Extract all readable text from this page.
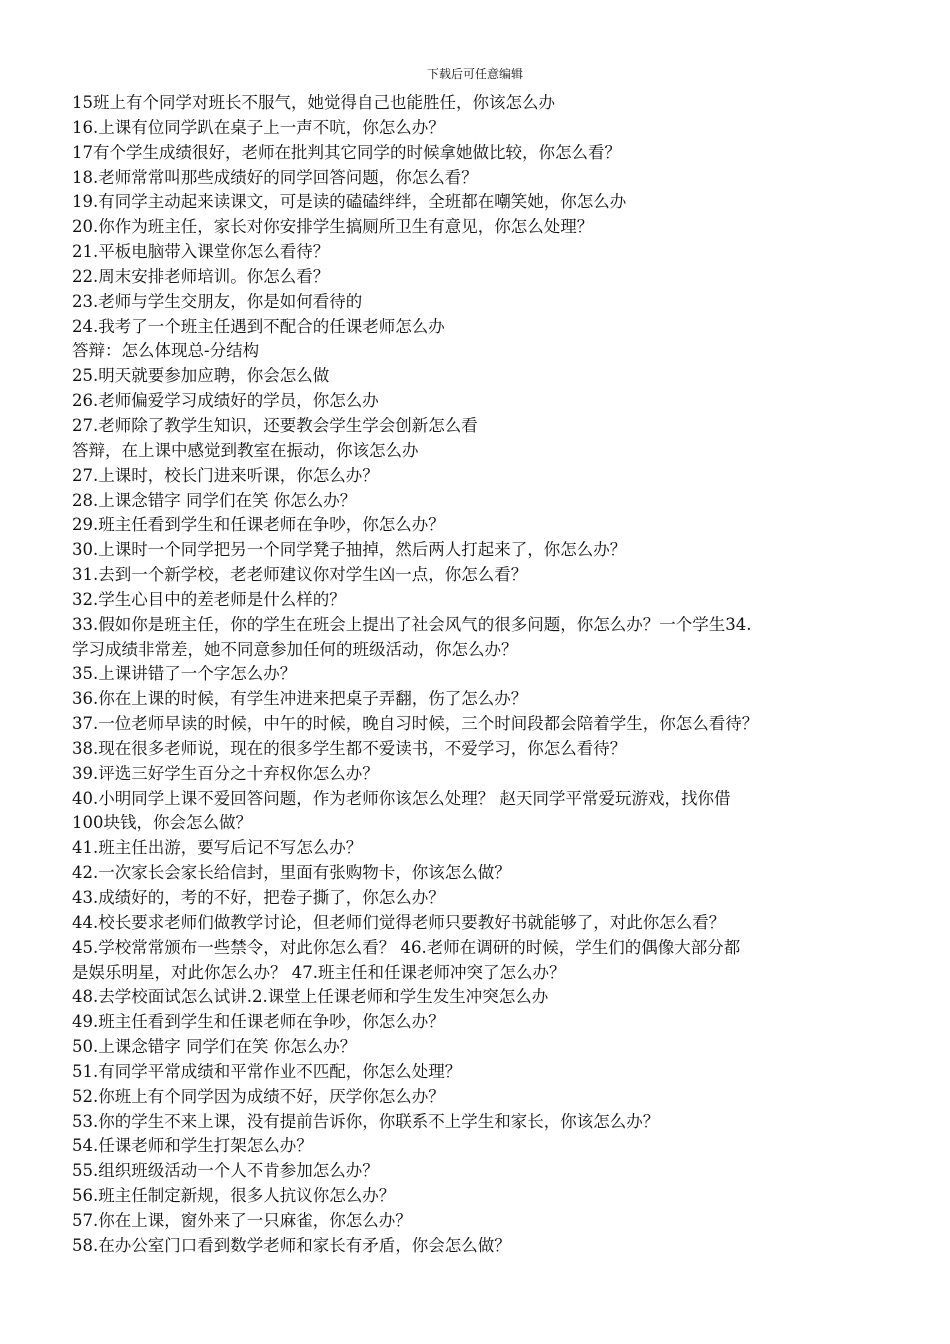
下载后可任意编辑
15班上有个同学对班长不服气，她觉得自己也能胜任，你该怎么办
16.上课有位同学趴在桌子上一声不吭，你怎么办？
17有个学生成绩很好，老师在批判其它同学的时候拿她做比较，你怎么看？
18.老师常常叫那些成绩好的同学回答问题，你怎么看？
19.有同学主动起来读课文，可是读的磕磕绊绊，全班都在嘲笑她，你怎么办
20.你作为班主任，家长对你安排学生搞厕所卫生有意见，你怎么处理？
21.平板电脑带入课堂你怎么看待？
22.周末安排老师培训。你怎么看？
23.老师与学生交朋友，你是如何看待的
24.我考了一个班主任遇到不配合的任课老师怎么办
答辩：怎么体现总-分结构
25.明天就要参加应聘，你会怎么做
26.老师偏爱学习成绩好的学员，你怎么办
27.老师除了教学生知识，还要教会学生学会创新怎么看
答辩，在上课中感觉到教室在振动，你该怎么办
27.上课时，校长门进来听课，你怎么办？
28.上课念错字 同学们在笑 你怎么办？
29.班主任看到学生和任课老师在争吵，你怎么办？
30.上课时一个同学把另一个同学凳子抽掉，然后两人打起来了，你怎么办？
31.去到一个新学校，老老师建议你对学生凶一点，你怎么看？
32.学生心目中的差老师是什么样的？
33.假如你是班主任，你的学生在班会上提出了社会风气的很多问题，你怎么办？一个学生34.
学习成绩非常差，她不同意参加任何的班级活动，你怎么办？
35.上课讲错了一个字怎么办？
36.你在上课的时候，有学生冲进来把桌子弄翻，伤了怎么办？
37.一位老师早读的时候，中午的时候，晚自习时候，三个时间段都会陪着学生，你怎么看待？
38.现在很多老师说，现在的很多学生都不爱读书，不爱学习，你怎么看待？
39.评选三好学生百分之十弃权你怎么办？
40.小明同学上课不爱回答问题，作为老师你该怎么处理？ 赵天同学平常爱玩游戏，找你借
100块钱，你会怎么做？
41.班主任出游，要写后记不写怎么办？
42.一次家长会家长给信封，里面有张购物卡，你该怎么做？
43.成绩好的，考的不好，把卷子撕了，你怎么办？
44.校长要求老师们做教学讨论，但老师们觉得老师只要教好书就能够了，对此你怎么看？
45.学校常常颁布一些禁令，对此你怎么看？ 46.老师在调研的时候，学生们的偶像大部分都
是娱乐明星，对此你怎么办？ 47.班主任和任课老师冲突了怎么办？
48.去学校面试怎么试讲.2.课堂上任课老师和学生发生冲突怎么办
49.班主任看到学生和任课老师在争吵，你怎么办？
50.上课念错字 同学们在笑 你怎么办？
51.有同学平常成绩和平常作业不匹配，你怎么处理？
52.你班上有个同学因为成绩不好，厌学你怎么办？
53.你的学生不来上课，没有提前告诉你，你联系不上学生和家长，你该怎么办？
54.任课老师和学生打架怎么办？
55.组织班级活动一个人不肯参加怎么办？
56.班主任制定新规，很多人抗议你怎么办？
57.你在上课，窗外来了一只麻雀，你怎么办？
58.在办公室门口看到数学老师和家长有矛盾，你会怎么做？
